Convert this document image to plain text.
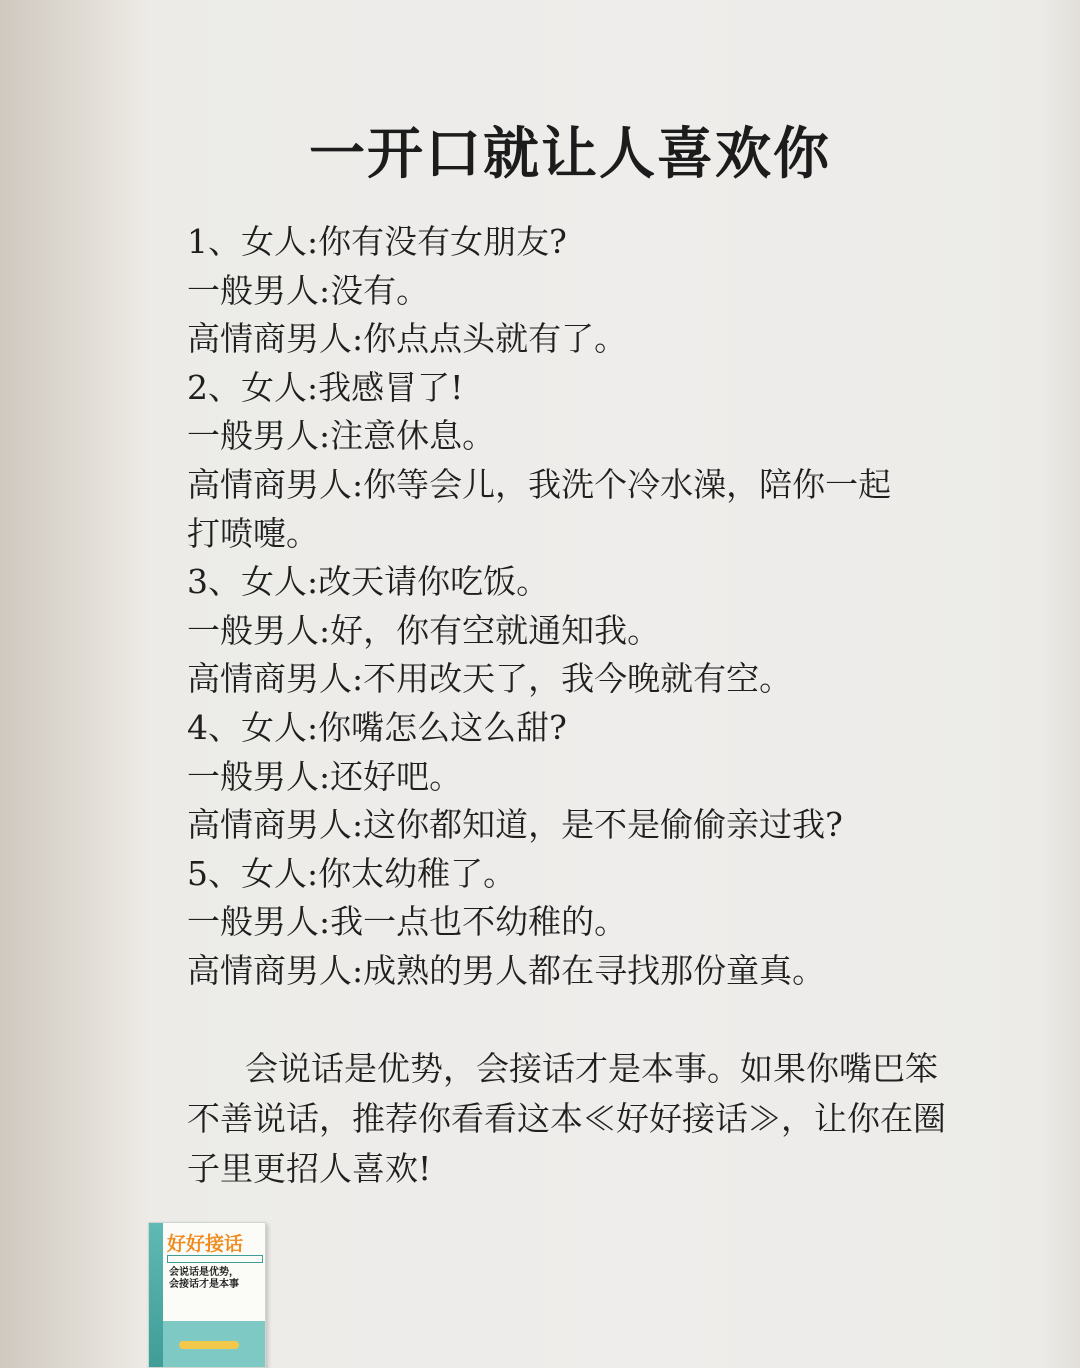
一开口就让人喜欢你
1、女人:你有没有女朋友?
一般男人:没有。
高情商男人:你点点头就有了。
2、女人:我感冒了!
一般男人:注意休息。
高情商男人:你等会儿，我洗个冷水澡，陪你一起
打喷嚏。
3、女人:改天请你吃饭。
一般男人:好，你有空就通知我。
高情商男人:不用改天了，我今晚就有空。
4、女人:你嘴怎么这么甜?
一般男人:还好吧。
高情商男人:这你都知道，是不是偷偷亲过我?
5、女人:你太幼稚了。
一般男人:我一点也不幼稚的。
高情商男人:成熟的男人都在寻找那份童真。
会说话是优势，会接话才是本事。如果你嘴巴笨不善说话，推荐你看看这本≪好好接话≫，让你在圈子里更招人喜欢!
好好接话
会说话是优势，
会接话才是本事
